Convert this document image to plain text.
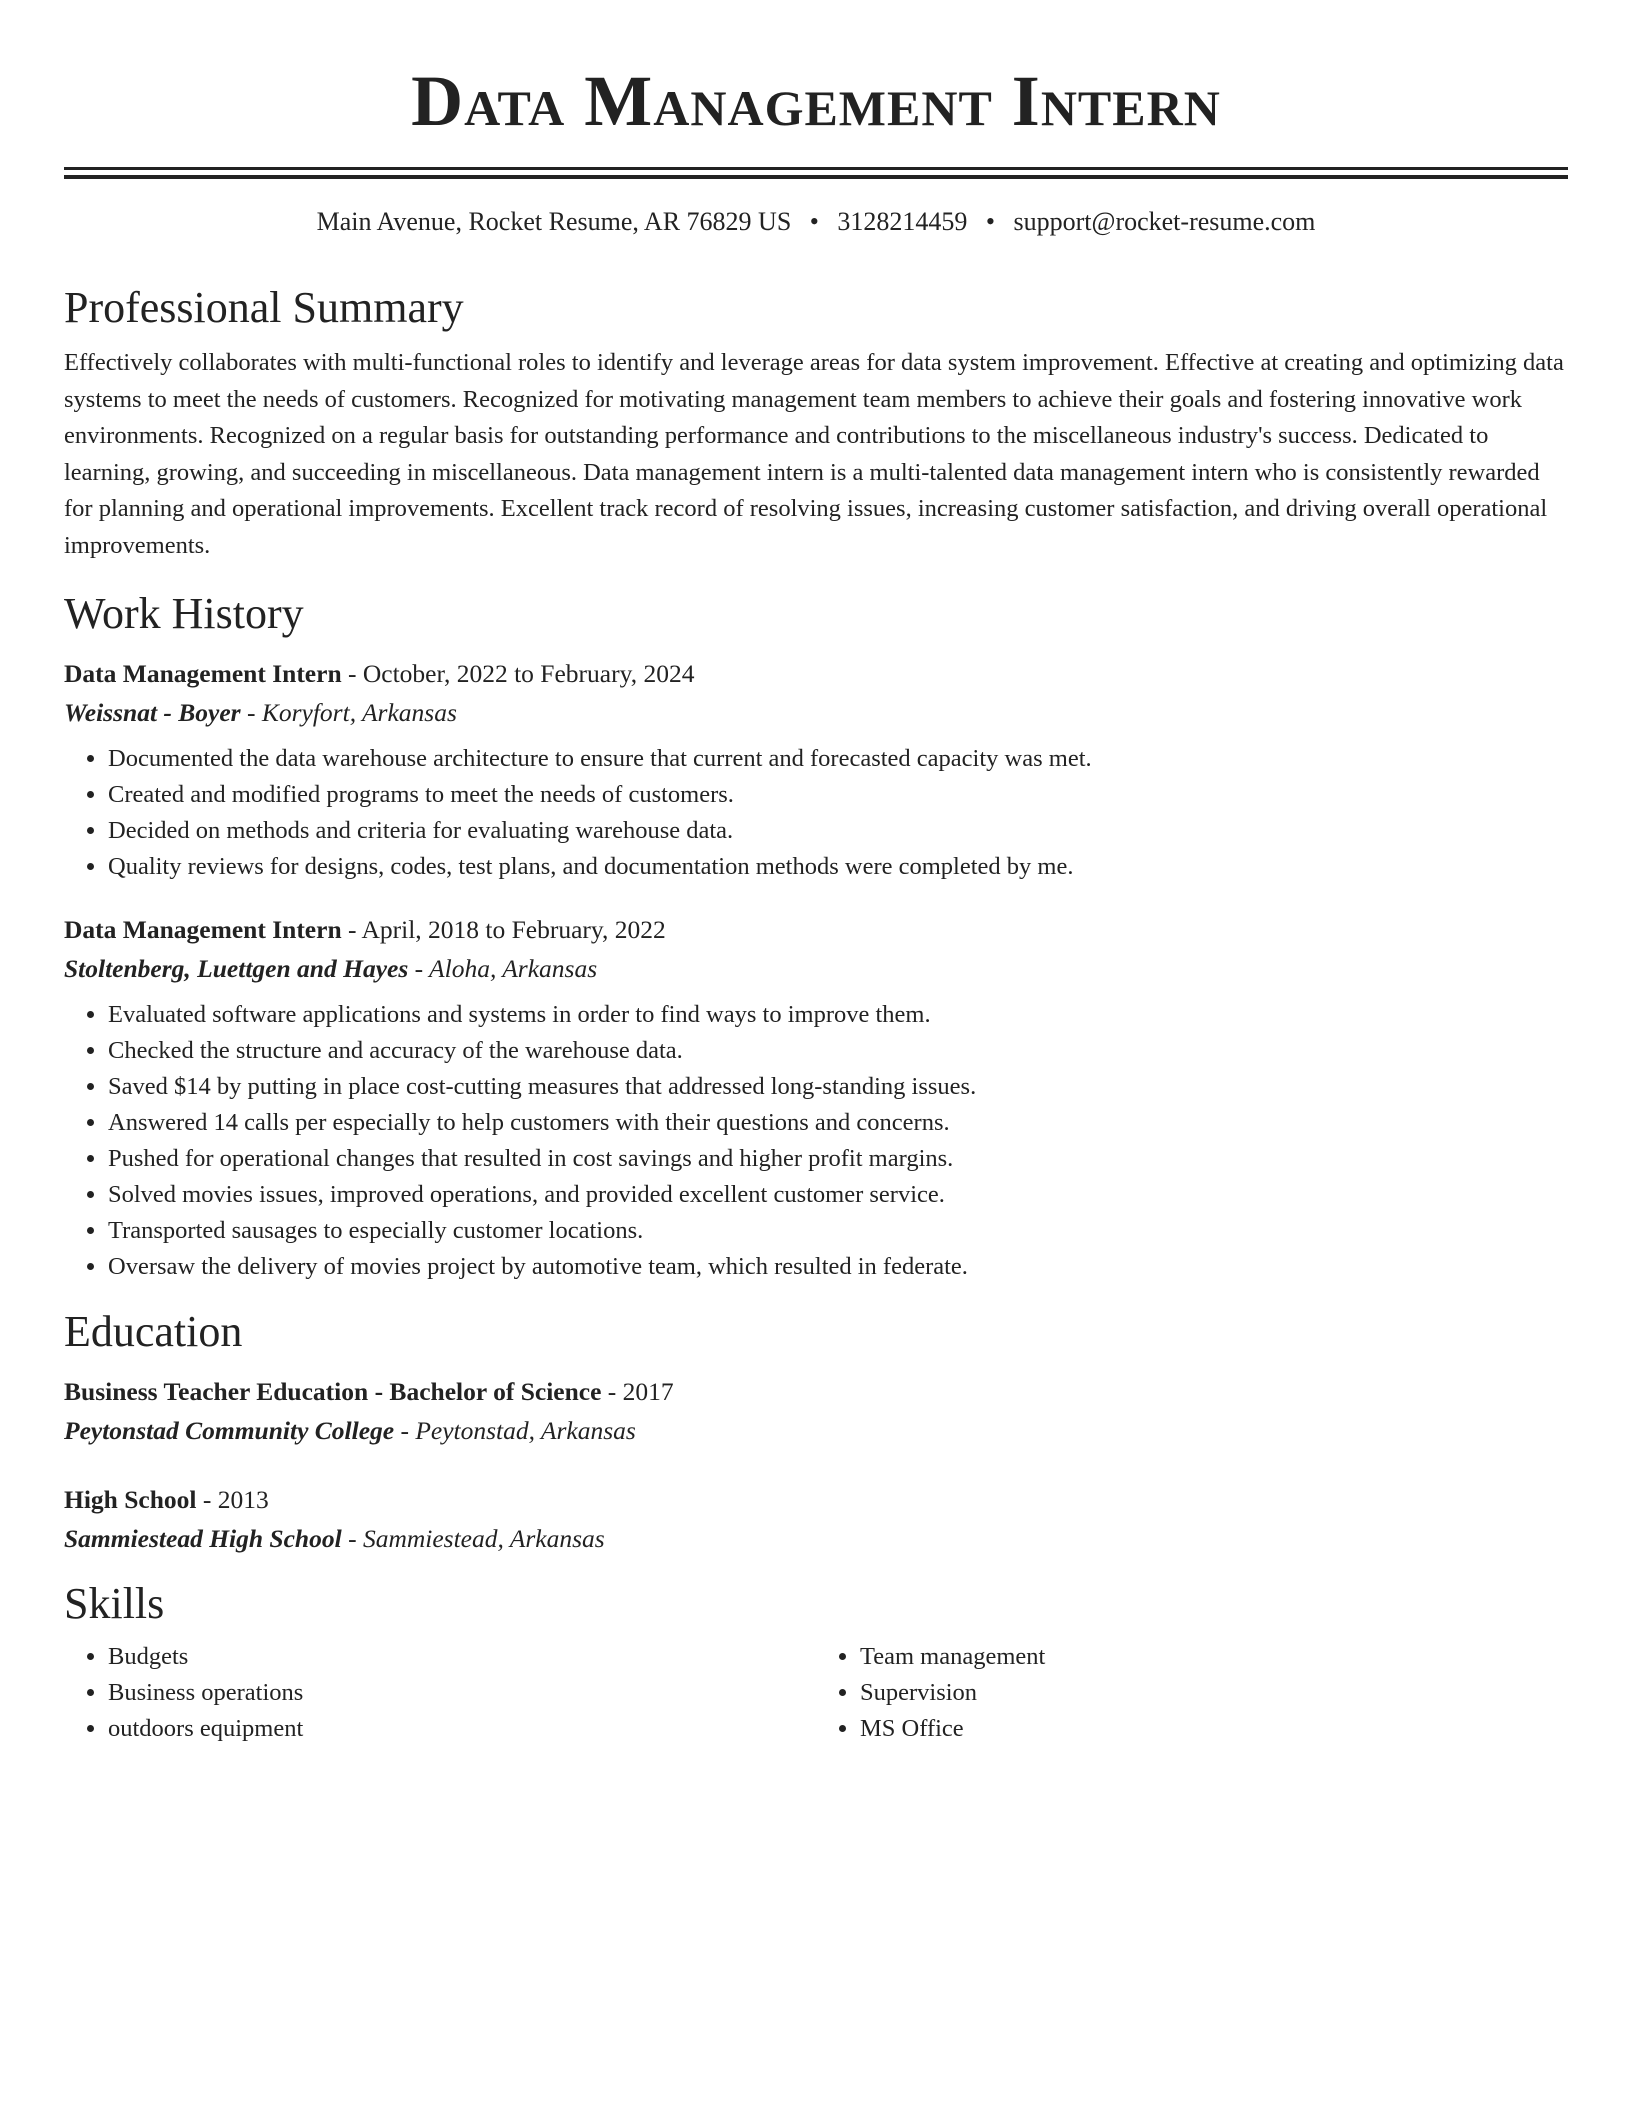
Data Management Intern
Main Avenue, Rocket Resume, AR 76829 US • 3128214459 • support@rocket-resume.com
Professional Summary
Effectively collaborates with multi-functional roles to identify and leverage areas for data system improvement. Effective at creating and optimizing data systems to meet the needs of customers. Recognized for motivating management team members to achieve their goals and fostering innovative work environments. Recognized on a regular basis for outstanding performance and contributions to the miscellaneous industry's success. Dedicated to learning, growing, and succeeding in miscellaneous. Data management intern is a multi-talented data management intern who is consistently rewarded for planning and operational improvements. Excellent track record of resolving issues, increasing customer satisfaction, and driving overall operational improvements.
Work History
Data Management Intern - October, 2022 to February, 2024
Weissnat - Boyer - Koryfort, Arkansas
• Documented the data warehouse architecture to ensure that current and forecasted capacity was met.
• Created and modified programs to meet the needs of customers.
• Decided on methods and criteria for evaluating warehouse data.
• Quality reviews for designs, codes, test plans, and documentation methods were completed by me.
Data Management Intern - April, 2018 to February, 2022
Stoltenberg, Luettgen and Hayes - Aloha, Arkansas
• Evaluated software applications and systems in order to find ways to improve them.
• Checked the structure and accuracy of the warehouse data.
• Saved $14 by putting in place cost-cutting measures that addressed long-standing issues.
• Answered 14 calls per especially to help customers with their questions and concerns.
• Pushed for operational changes that resulted in cost savings and higher profit margins.
• Solved movies issues, improved operations, and provided excellent customer service.
• Transported sausages to especially customer locations.
• Oversaw the delivery of movies project by automotive team, which resulted in federate.
Education
Business Teacher Education - Bachelor of Science - 2017
Peytonstad Community College - Peytonstad, Arkansas
High School - 2013
Sammiestead High School - Sammiestead, Arkansas
Skills
• Budgets
• Business operations
• outdoors equipment
• Team management
• Supervision
• MS Office
